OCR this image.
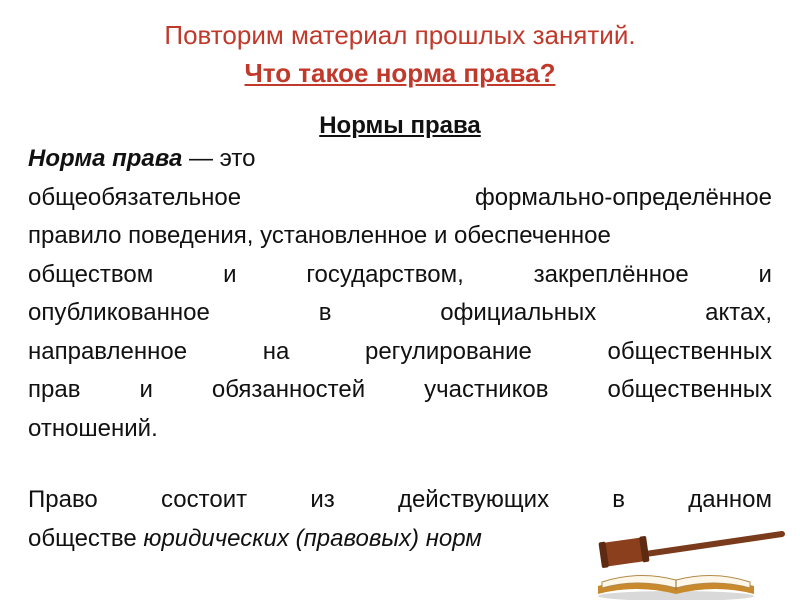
Повторим материал прошлых занятий.
Что такое норма права?
Нормы права
Норма права — это
общеобязательное	формально-определённое
правило поведения, установленное и обеспеченное
обществом	и	государством,	закреплённое	и
опубликованное	в	официальных	актах,
направленное	на	регулирование	общественных
прав и обязанностей участников общественных
отношений.
Право	состоит	из	действующих	в	данном
обществе юридических (правовых) норм
